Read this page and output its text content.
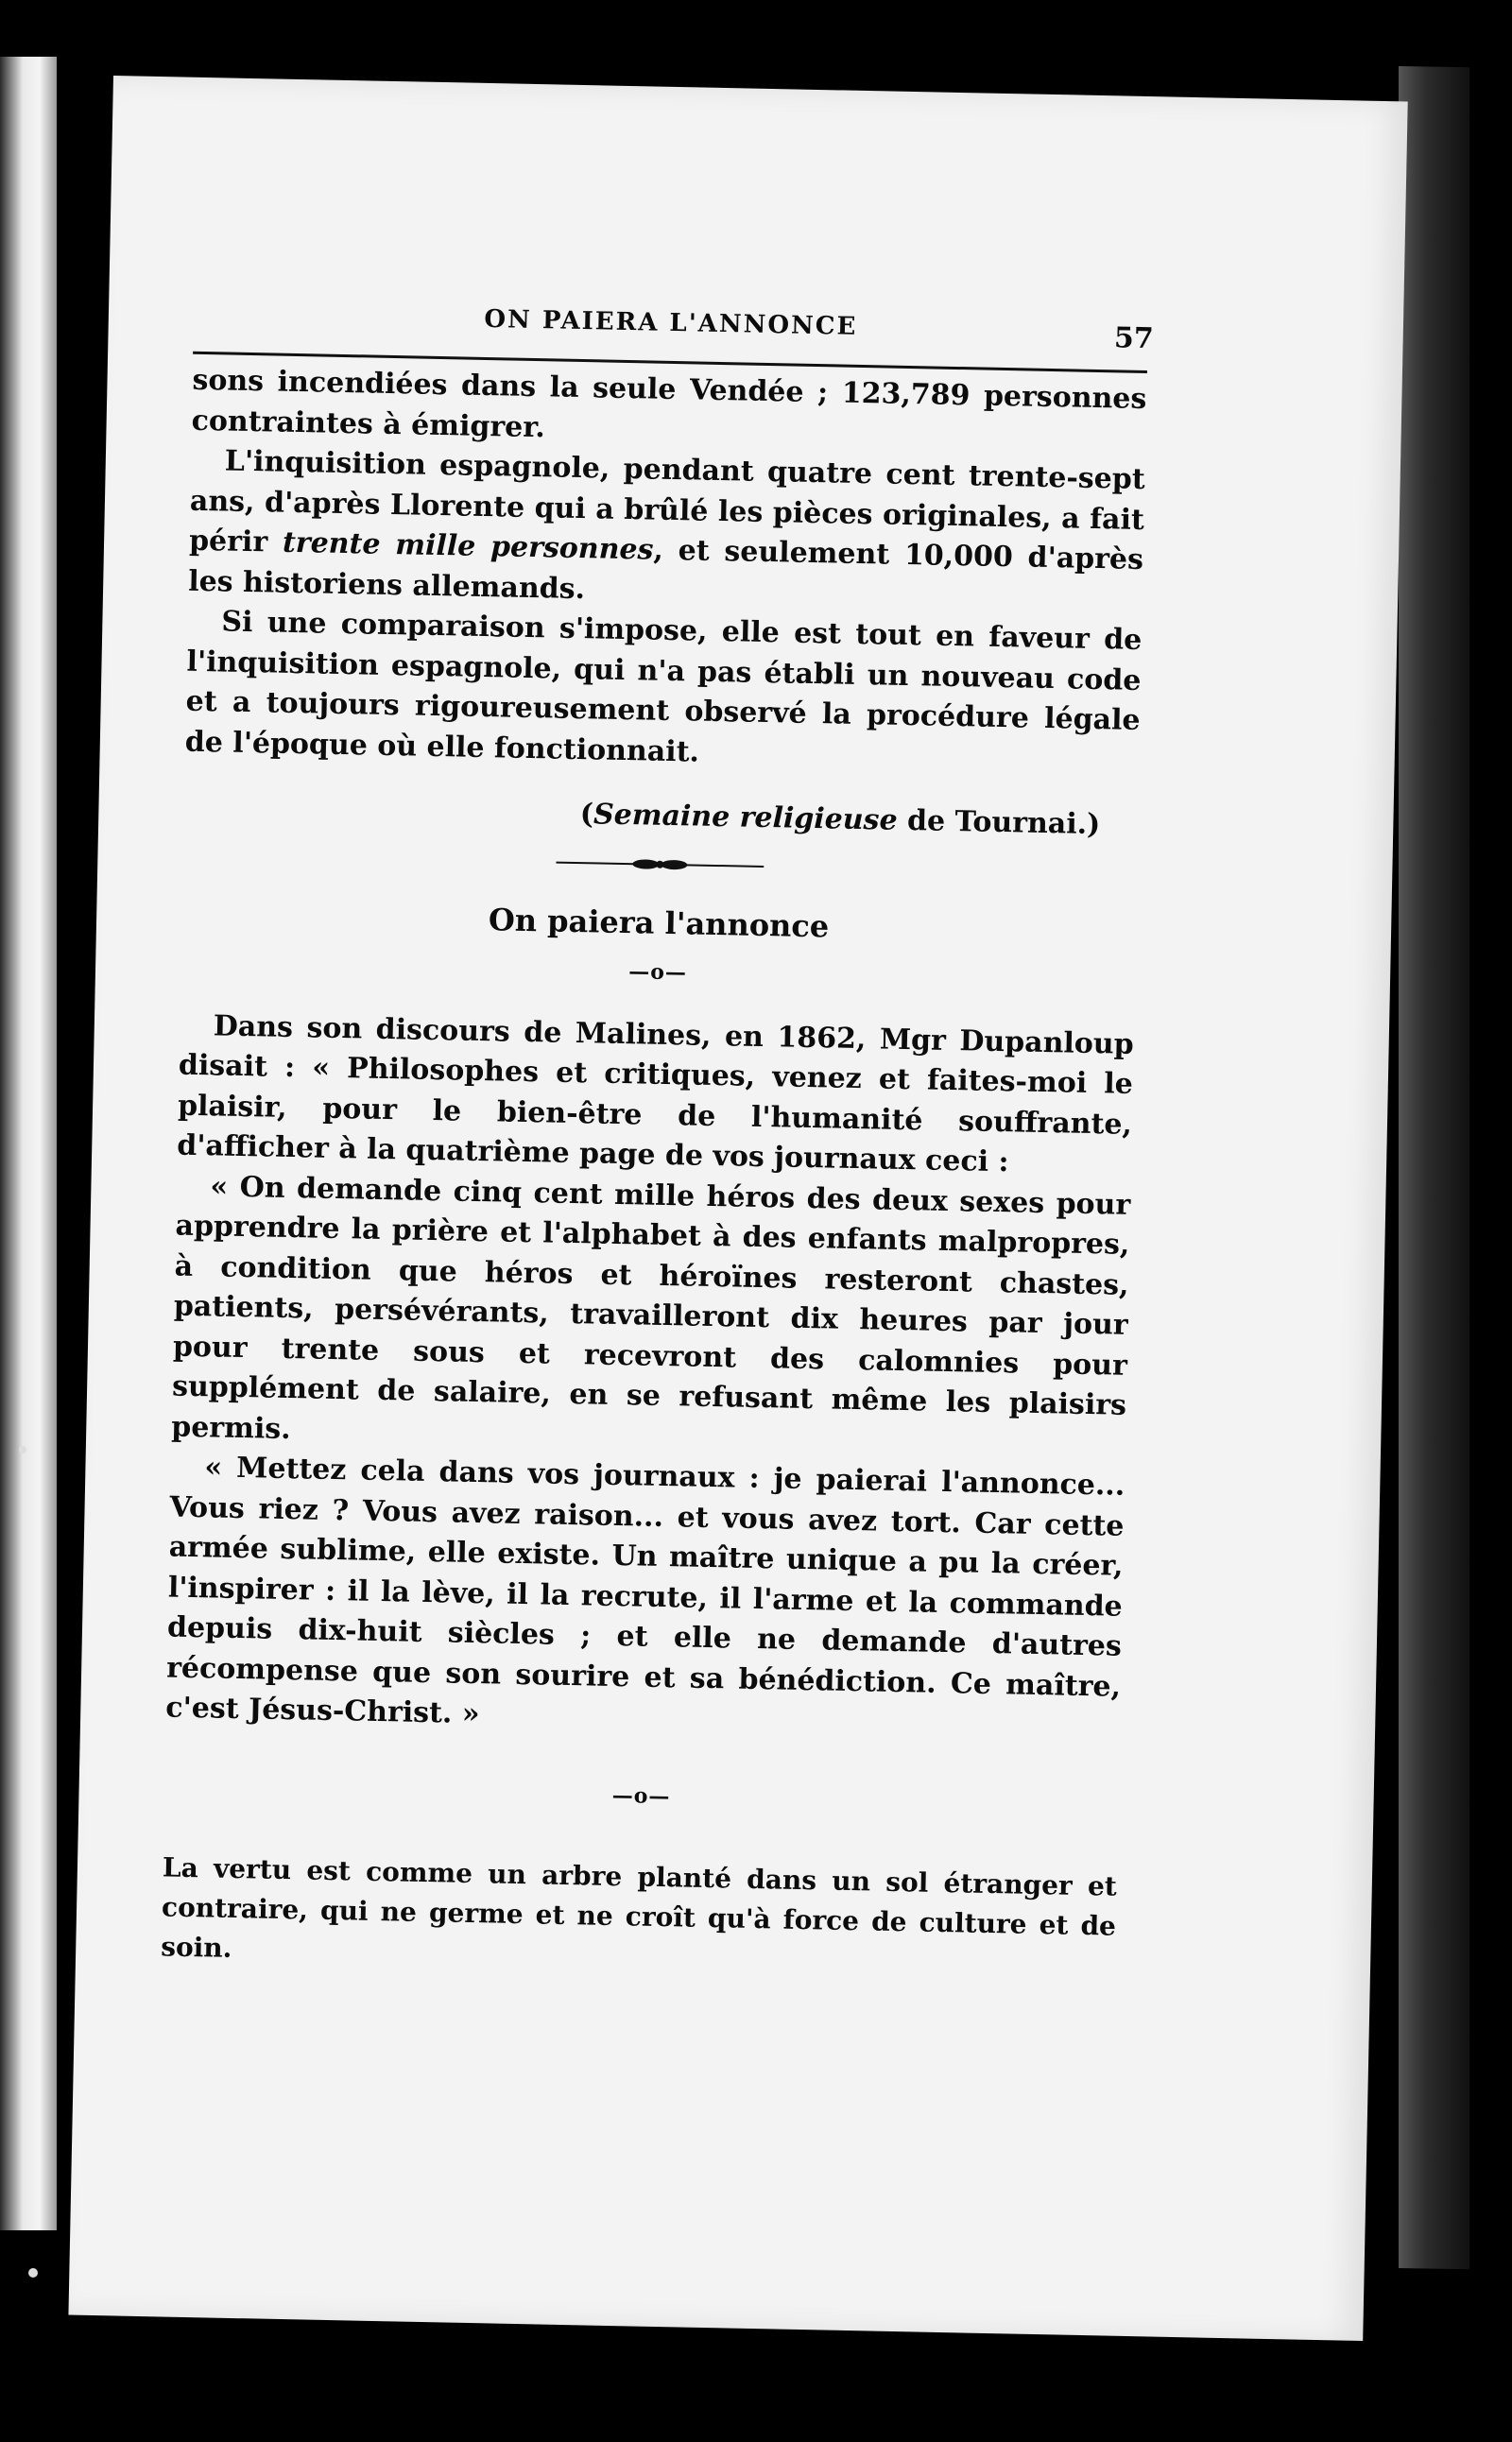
ON PAIERA L'ANNONCE	57

sons incendiées dans la seule Vendée ; 123,789 personnes contraintes à émigrer.

L'inquisition espagnole, pendant quatre cent trente-sept ans, d'après Llorente qui a brûlé les pièces originales, a fait périr trente mille personnes, et seulement 10,000 d'après les historiens allemands.

Si une comparaison s'impose, elle est tout en faveur de l'inquisition espagnole, qui n'a pas établi un nouveau code et a toujours rigoureusement observé la procédure légale de l'époque où elle fonctionnait.

(Semaine religieuse de Tournai.)

On paiera l'annonce

—o—

Dans son discours de Malines, en 1862, Mgr Dupanloup disait : « Philosophes et critiques, venez et faites-moi le plaisir, pour le bien-être de l'humanité souffrante, d'afficher à la quatrième page de vos journaux ceci :

« On demande cinq cent mille héros des deux sexes pour apprendre la prière et l'alphabet à des enfants malpropres, à condition que héros et héroïnes resteront chastes, patients, persévérants, travailleront dix heures par jour pour trente sous et recevront des calomnies pour supplément de salaire, en se refusant même les plaisirs permis.

« Mettez cela dans vos journaux : je paierai l'annonce... Vous riez ? Vous avez raison... et vous avez tort. Car cette armée sublime, elle existe. Un maître unique a pu la créer, l'inspirer : il la lève, il la recrute, il l'arme et la commande depuis dix-huit siècles ; et elle ne demande d'autres récompense que son sourire et sa bénédiction. Ce maître, c'est Jésus-Christ. »

—o—

La vertu est comme un arbre planté dans un sol étranger et contraire, qui ne germe et ne croît qu'à force de culture et de soin.
